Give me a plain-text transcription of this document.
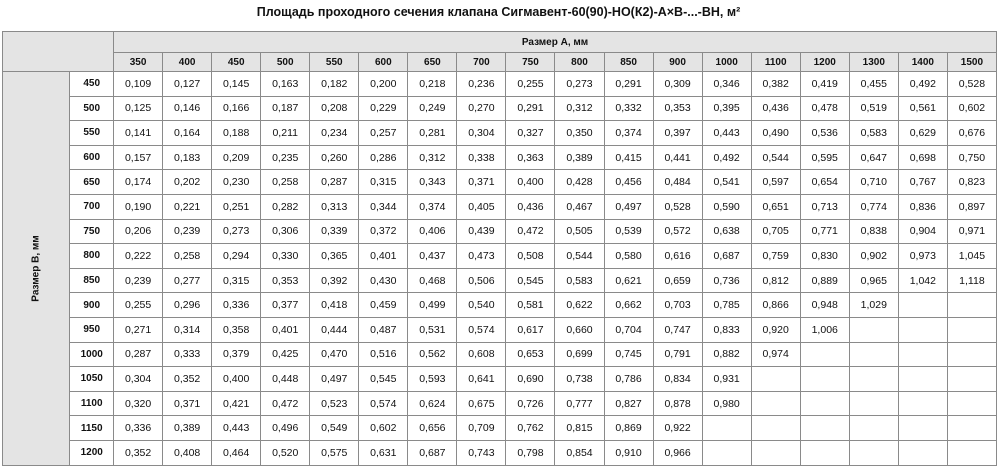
Площадь проходного сечения клапана Сигмавент-60(90)-НО(К2)-А×В-...-ВН, м²
		Размер А, мм																	
		350	400	450	500	550	600	650	700	750	800	850	900	1000	1100	1200	1300	1400	1500
Размер В, мм	450	0,109	0,127	0,145	0,163	0,182	0,200	0,218	0,236	0,255	0,273	0,291	0,309	0,346	0,382	0,419	0,455	0,492	0,528
	500	0,125	0,146	0,166	0,187	0,208	0,229	0,249	0,270	0,291	0,312	0,332	0,353	0,395	0,436	0,478	0,519	0,561	0,602
	550	0,141	0,164	0,188	0,211	0,234	0,257	0,281	0,304	0,327	0,350	0,374	0,397	0,443	0,490	0,536	0,583	0,629	0,676
	600	0,157	0,183	0,209	0,235	0,260	0,286	0,312	0,338	0,363	0,389	0,415	0,441	0,492	0,544	0,595	0,647	0,698	0,750
	650	0,174	0,202	0,230	0,258	0,287	0,315	0,343	0,371	0,400	0,428	0,456	0,484	0,541	0,597	0,654	0,710	0,767	0,823
	700	0,190	0,221	0,251	0,282	0,313	0,344	0,374	0,405	0,436	0,467	0,497	0,528	0,590	0,651	0,713	0,774	0,836	0,897
	750	0,206	0,239	0,273	0,306	0,339	0,372	0,406	0,439	0,472	0,505	0,539	0,572	0,638	0,705	0,771	0,838	0,904	0,971
	800	0,222	0,258	0,294	0,330	0,365	0,401	0,437	0,473	0,508	0,544	0,580	0,616	0,687	0,759	0,830	0,902	0,973	1,045
	850	0,239	0,277	0,315	0,353	0,392	0,430	0,468	0,506	0,545	0,583	0,621	0,659	0,736	0,812	0,889	0,965	1,042	1,118
	900	0,255	0,296	0,336	0,377	0,418	0,459	0,499	0,540	0,581	0,622	0,662	0,703	0,785	0,866	0,948	1,029		
	950	0,271	0,314	0,358	0,401	0,444	0,487	0,531	0,574	0,617	0,660	0,704	0,747	0,833	0,920	1,006			
	1000	0,287	0,333	0,379	0,425	0,470	0,516	0,562	0,608	0,653	0,699	0,745	0,791	0,882	0,974				
	1050	0,304	0,352	0,400	0,448	0,497	0,545	0,593	0,641	0,690	0,738	0,786	0,834	0,931					
	1100	0,320	0,371	0,421	0,472	0,523	0,574	0,624	0,675	0,726	0,777	0,827	0,878	0,980					
	1150	0,336	0,389	0,443	0,496	0,549	0,602	0,656	0,709	0,762	0,815	0,869	0,922						
	1200	0,352	0,408	0,464	0,520	0,575	0,631	0,687	0,743	0,798	0,854	0,910	0,966						
